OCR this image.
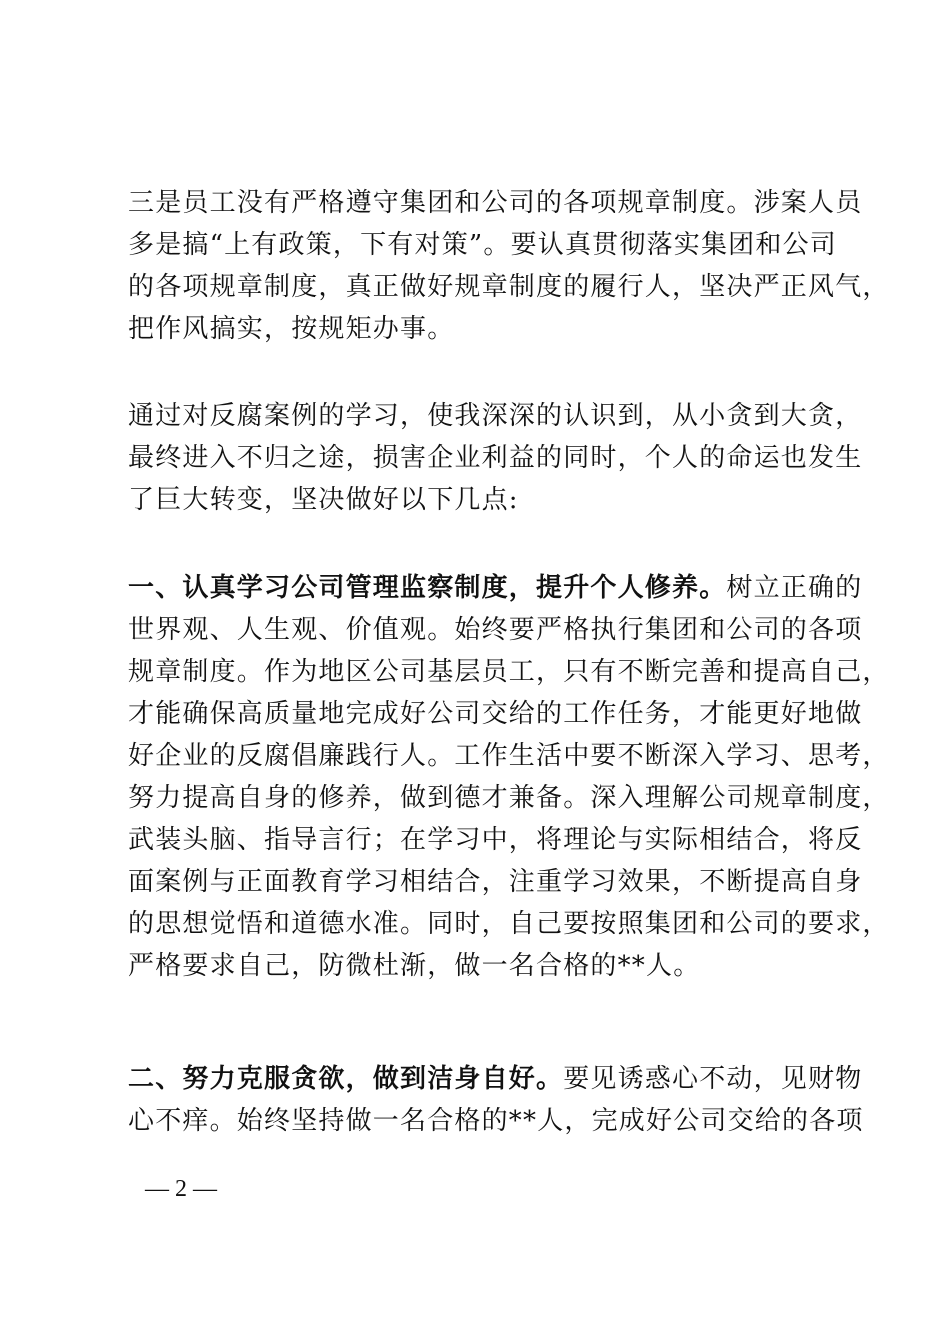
三是员工没有严格遵守集团和公司的各项规章制度。涉案人员
多是搞“上有政策，下有对策”。要认真贯彻落实集团和公司
的各项规章制度，真正做好规章制度的履行人，坚决严正风气，
把作风搞实，按规矩办事。
通过对反腐案例的学习，使我深深的认识到，从小贪到大贪，
最终进入不归之途，损害企业利益的同时，个人的命运也发生
了巨大转变，坚决做好以下几点:
一、认真学习公司管理监察制度，提升个人修养。树立正确的
世界观、人生观、价值观。始终要严格执行集团和公司的各项
规章制度。作为地区公司基层员工，只有不断完善和提高自己，
才能确保高质量地完成好公司交给的工作任务，才能更好地做
好企业的反腐倡廉践行人。工作生活中要不断深入学习、思考，
努力提高自身的修养，做到德才兼备。深入理解公司规章制度，
武装头脑、指导言行；在学习中，将理论与实际相结合，将反
面案例与正面教育学习相结合，注重学习效果，不断提高自身
的思想觉悟和道德水准。同时，自己要按照集团和公司的要求，
严格要求自己，防微杜渐，做一名合格的**人。
二、努力克服贪欲，做到洁身自好。要见诱惑心不动，见财物
心不痒。始终坚持做一名合格的**人，完成好公司交给的各项
— 2 —
